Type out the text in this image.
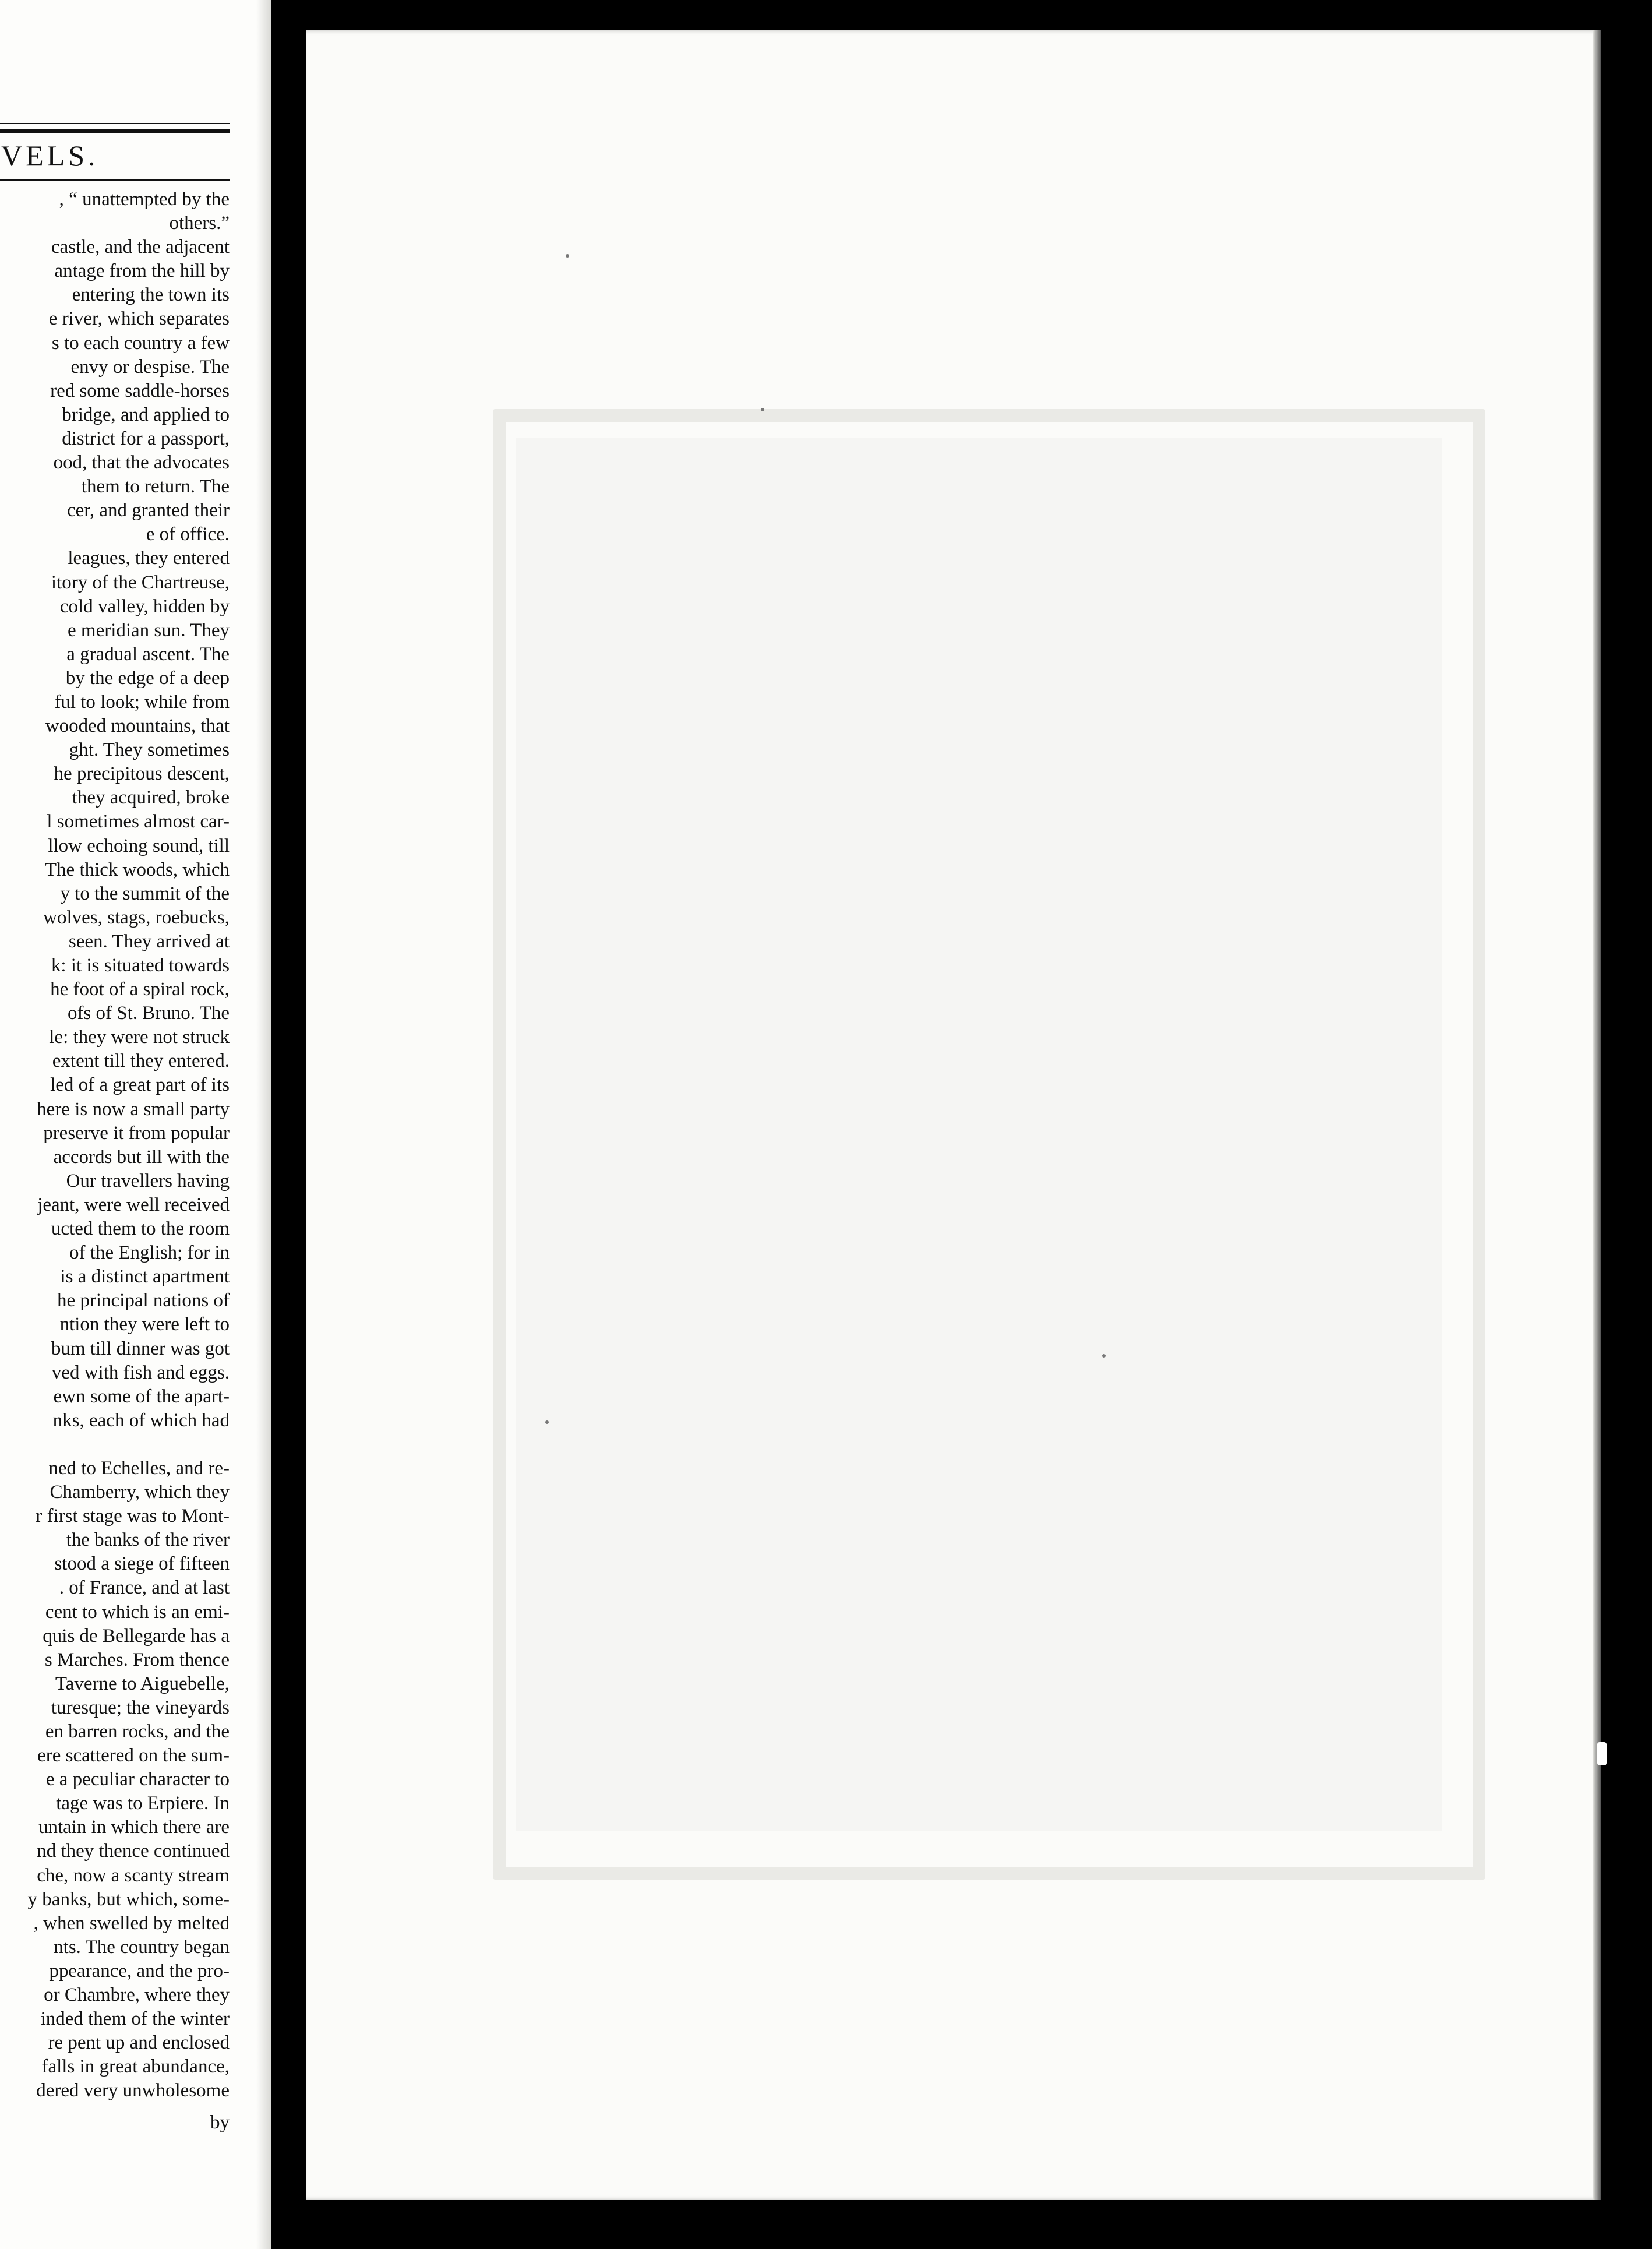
VELS.
, “ unattempted by the
others.”
castle, and the adjacent
antage from the hill by
entering the town its
e river, which separates
s to each country a few
envy or despise. The
red some saddle-horses
bridge, and applied to
district for a passport,
ood, that the advocates
them to return. The
cer, and granted their
e of office.
leagues, they entered
itory of the Chartreuse,
cold valley, hidden by
e meridian sun. They
a gradual ascent. The
by the edge of a deep
ful to look; while from
wooded mountains, that
ght. They sometimes
he precipitous descent,
they acquired, broke
l sometimes almost car-
llow echoing sound, till
The thick woods, which
y to the summit of the
wolves, stags, roebucks,
seen. They arrived at
k: it is situated towards
he foot of a spiral rock,
ofs of St. Bruno. The
le: they were not struck
extent till they entered.
led of a great part of its
here is now a small party
preserve it from popular
accords but ill with the
Our travellers having
jeant, were well received
ucted them to the room
of the English; for in
is a distinct apartment
he principal nations of
ntion they were left to
bum till dinner was got
ved with fish and eggs.
ewn some of the apart-
nks, each of which had

ned to Echelles, and re-
Chamberry, which they
r first stage was to Mont-
the banks of the river
stood a siege of fifteen
. of France, and at last
cent to which is an emi-
quis de Bellegarde has a
s Marches. From thence
Taverne to Aiguebelle,
turesque; the vineyards
en barren rocks, and the
ere scattered on the sum-
e a peculiar character to
tage was to Erpiere. In
untain in which there are
nd they thence continued
che, now a scanty stream
y banks, but which, some-
, when swelled by melted
nts. The country began
ppearance, and the pro-
or Chambre, where they
inded them of the winter
re pent up and enclosed
falls in great abundance,
dered very unwholesome
by
